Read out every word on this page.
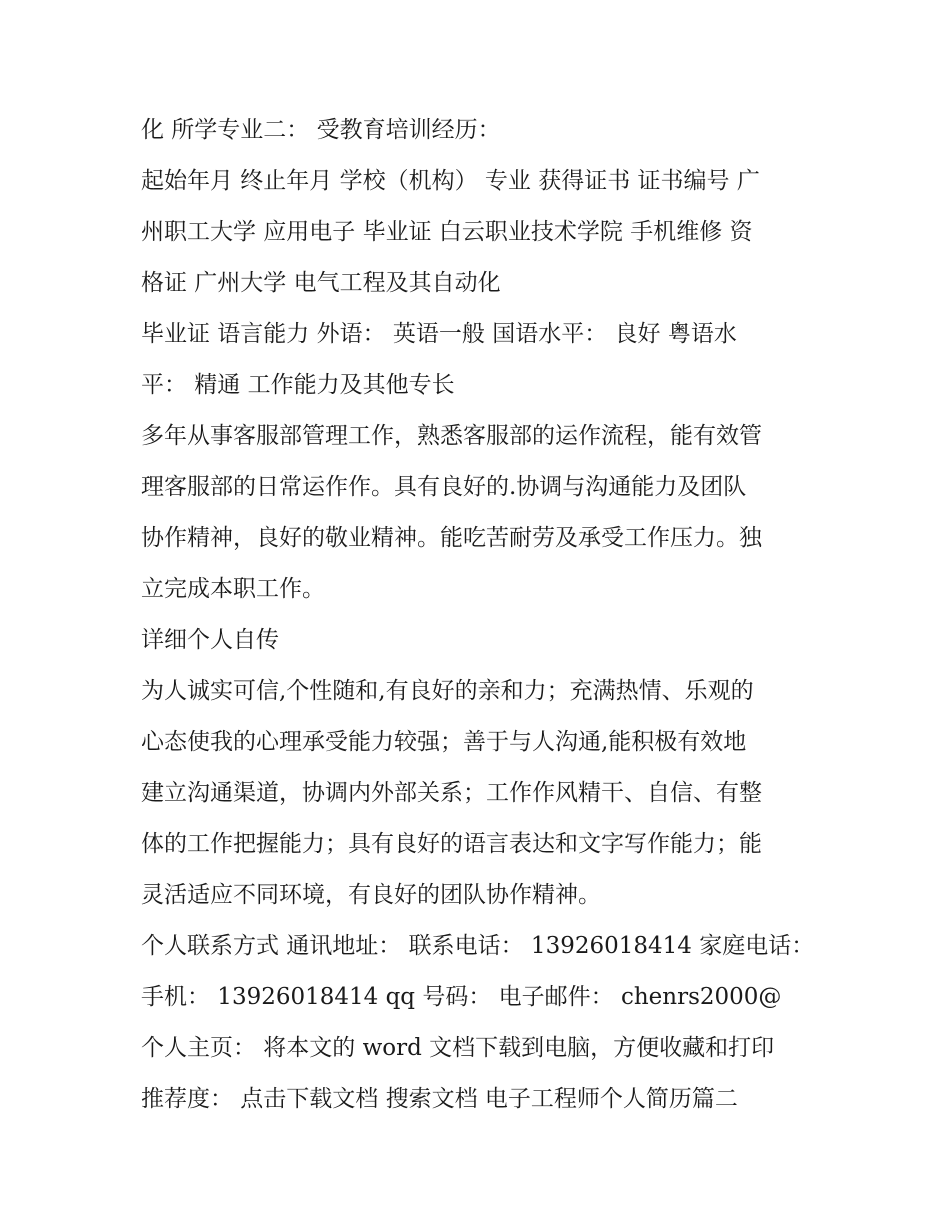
化 所学专业二： 受教育培训经历：
起始年月 终止年月 学校（机构） 专业 获得证书 证书编号 广
州职工大学 应用电子 毕业证 白云职业技术学院 手机维修 资
格证 广州大学 电气工程及其自动化
毕业证 语言能力 外语： 英语一般 国语水平： 良好 粤语水
平： 精通 工作能力及其他专长
多年从事客服部管理工作，熟悉客服部的运作流程，能有效管
理客服部的日常运作作。具有良好的.协调与沟通能力及团队
协作精神，良好的敬业精神。能吃苦耐劳及承受工作压力。独
立完成本职工作。
详细个人自传
为人诚实可信,个性随和,有良好的亲和力；充满热情、乐观的
心态使我的心理承受能力较强；善于与人沟通,能积极有效地
建立沟通渠道，协调内外部关系；工作作风精干、自信、有整
体的工作把握能力；具有良好的语言表达和文字写作能力；能
灵活适应不同环境，有良好的团队协作精神。
个人联系方式 通讯地址： 联系电话： 13926018414 家庭电话：
手机： 13926018414 qq 号码： 电子邮件： chenrs2000@
个人主页： 将本文的 word 文档下载到电脑，方便收藏和打印
推荐度： 点击下载文档 搜索文档 电子工程师个人简历篇二
